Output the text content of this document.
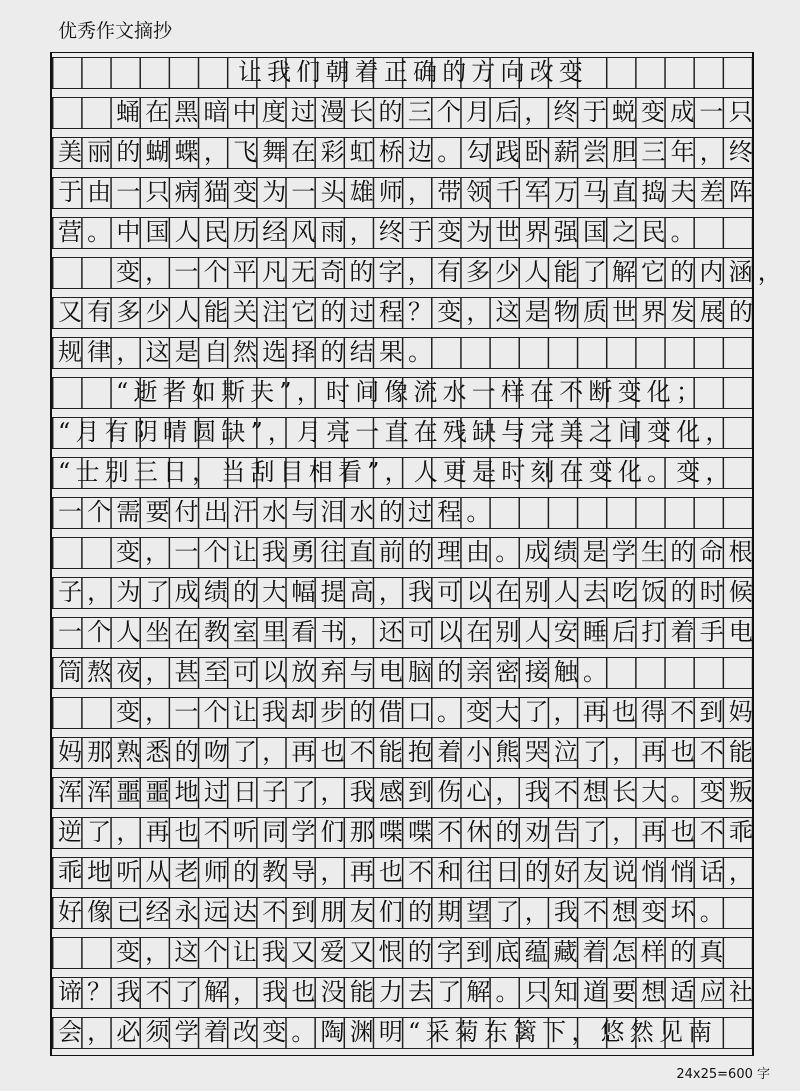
优秀作文摘抄
让我们朝着正确的方向改变
蛹在黑暗中度过漫长的三个月后，终于蜕变成一只
美丽的蝴蝶，飞舞在彩虹桥边。勾践卧薪尝胆三年，终
于由一只病猫变为一头雄师，带领千军万马直捣夫差阵
营。中国人民历经风雨，终于变为世界强国之民。
变，一个平凡无奇的字，有多少人能了解它的内涵，
又有多少人能关注它的过程？变，这是物质世界发展的
规律，这是自然选择的结果。
“逝者如斯夫”，时间像流水一样在不断变化；
“月有阴晴圆缺”，月亮一直在残缺与完美之间变化，
“士别三日，当刮目相看”，人更是时刻在变化。变，
一个需要付出汗水与泪水的过程。
变，一个让我勇往直前的理由。成绩是学生的命根
子，为了成绩的大幅提高，我可以在别人去吃饭的时候
一个人坐在教室里看书，还可以在别人安睡后打着手电
筒熬夜，甚至可以放弃与电脑的亲密接触。
变，一个让我却步的借口。变大了，再也得不到妈
妈那熟悉的吻了，再也不能抱着小熊哭泣了，再也不能
浑浑噩噩地过日子了，我感到伤心，我不想长大。变叛
逆了，再也不听同学们那喋喋不休的劝告了，再也不乖
乖地听从老师的教导，再也不和往日的好友说悄悄话，
好像已经永远达不到朋友们的期望了，我不想变坏。
变，这个让我又爱又恨的字到底蕴藏着怎样的真
谛？我不了解，我也没能力去了解。只知道要想适应社
会，必须学着改变。陶渊明“采菊东篱下，悠然见南
24x25=600 字
